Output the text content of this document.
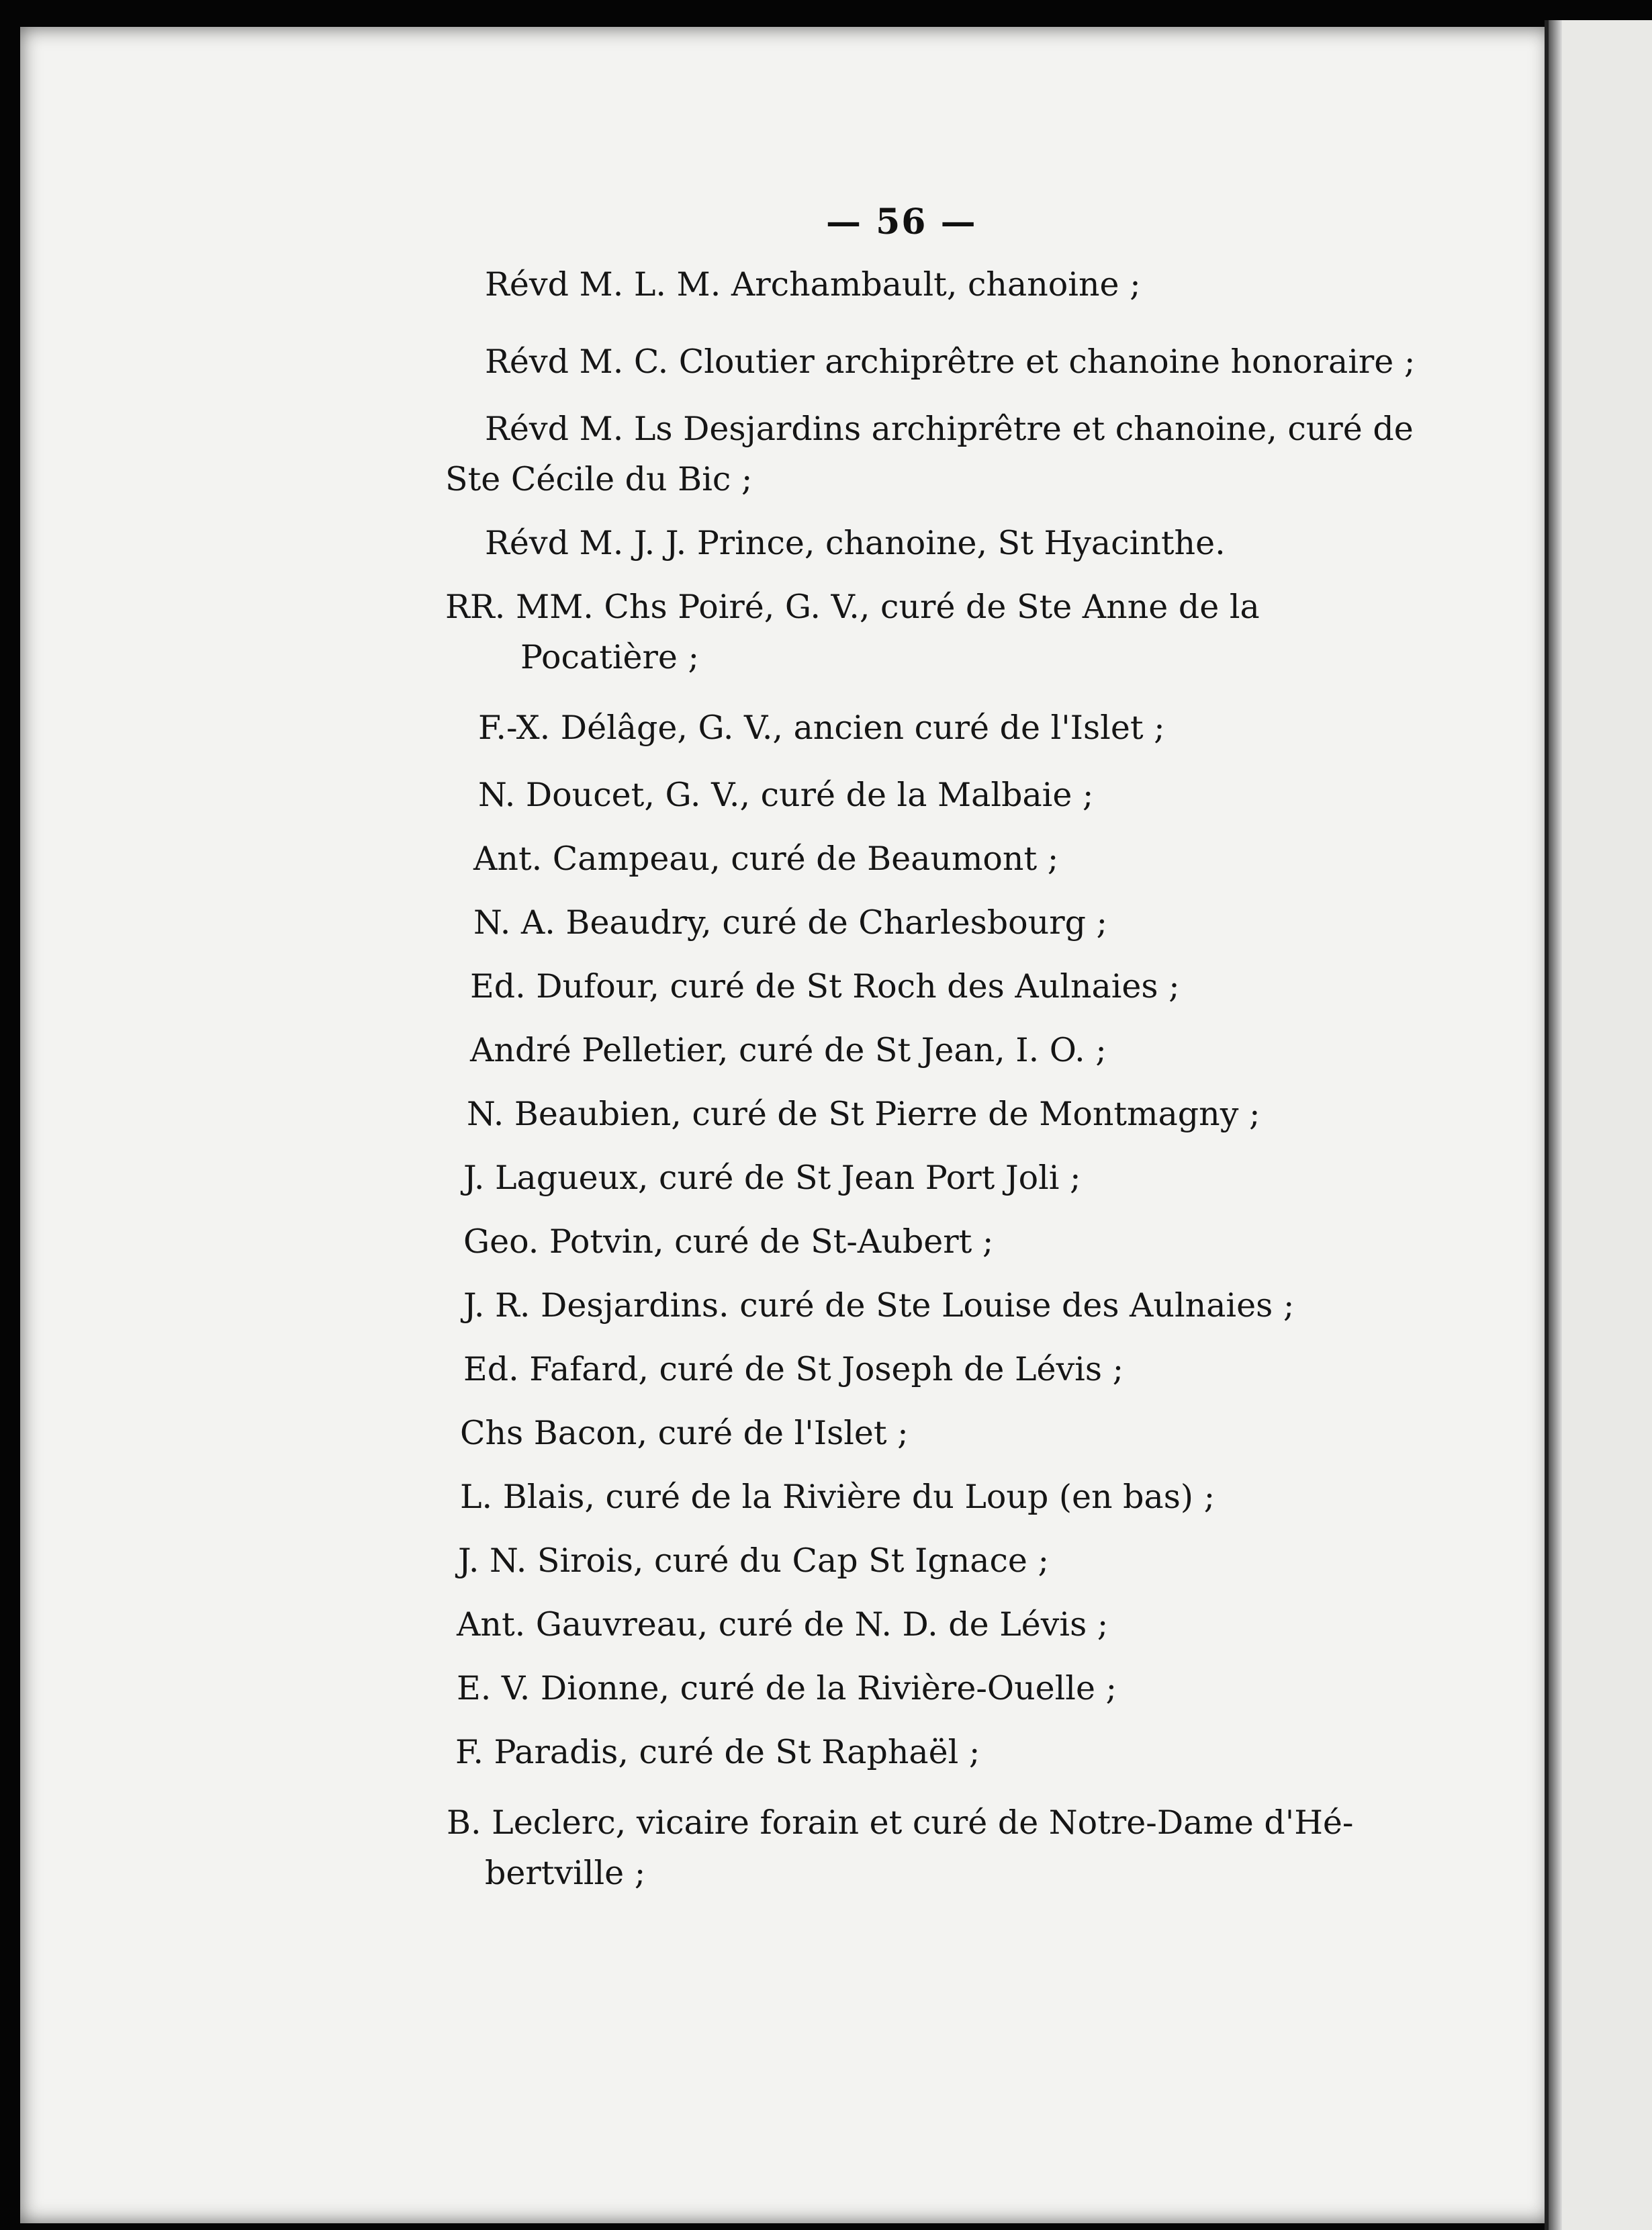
— 56 —
Révd M. L. M. Archambault, chanoine ;
Révd M. C. Cloutier archiprêtre et chanoine honoraire ;
Révd M. Ls Desjardins archiprêtre et chanoine, curé de
Ste Cécile du Bic ;
Révd M. J. J. Prince, chanoine, St Hyacinthe.
RR. MM. Chs Poiré, G. V., curé de Ste Anne de la
Pocatière ;
F.-X. Délâge, G. V., ancien curé de l'Islet ;
N. Doucet, G. V., curé de la Malbaie ;
Ant. Campeau, curé de Beaumont ;
N. A. Beaudry, curé de Charlesbourg ;
Ed. Dufour, curé de St Roch des Aulnaies ;
André Pelletier, curé de St Jean, I. O. ;
N. Beaubien, curé de St Pierre de Montmagny ;
J. Lagueux, curé de St Jean Port Joli ;
Geo. Potvin, curé de St-Aubert ;
J. R. Desjardins. curé de Ste Louise des Aulnaies ;
Ed. Fafard, curé de St Joseph de Lévis ;
Chs Bacon, curé de l'Islet ;
L. Blais, curé de la Rivière du Loup (en bas) ;
J. N. Sirois, curé du Cap St Ignace ;
Ant. Gauvreau, curé de N. D. de Lévis ;
E. V. Dionne, curé de la Rivière-Ouelle ;
F. Paradis, curé de St Raphaël ;
B. Leclerc, vicaire forain et curé de Notre-Dame d'Hé-
bertville ;
